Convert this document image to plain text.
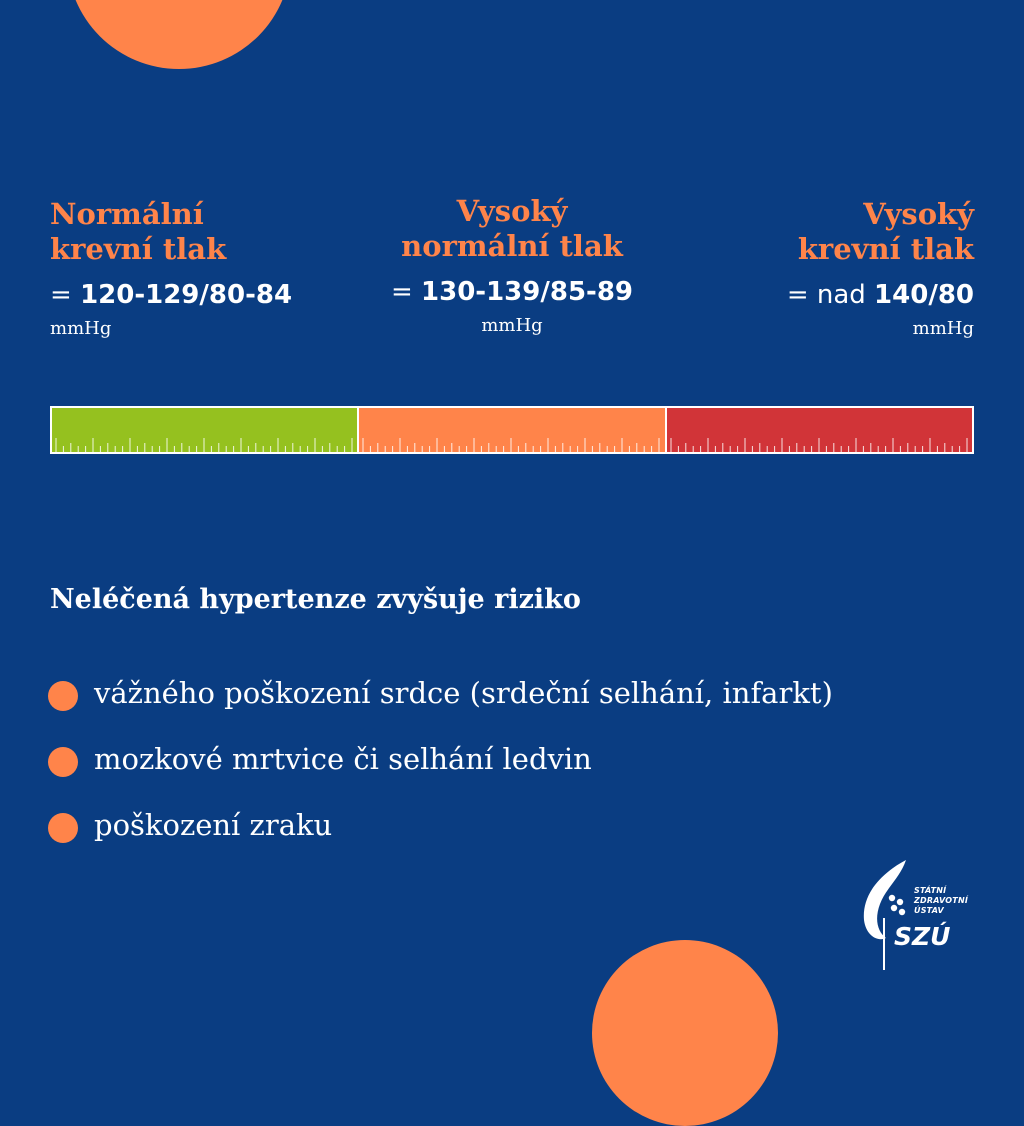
Normální
krevní tlak
= 120-129/80-84
mmHg
Vysoký
normální tlak
= 130-139/85-89
mmHg
Vysoký
krevní tlak
= nad 140/80
mmHg
Neléčená hypertenze zvyšuje riziko
vážného poškození srdce (srdeční selhání, infarkt)
mozkové mrtvice či selhání ledvin
poškození zraku
STÁTNÍ
ZDRAVOTNÍ
ÚSTAV
SZÚ
